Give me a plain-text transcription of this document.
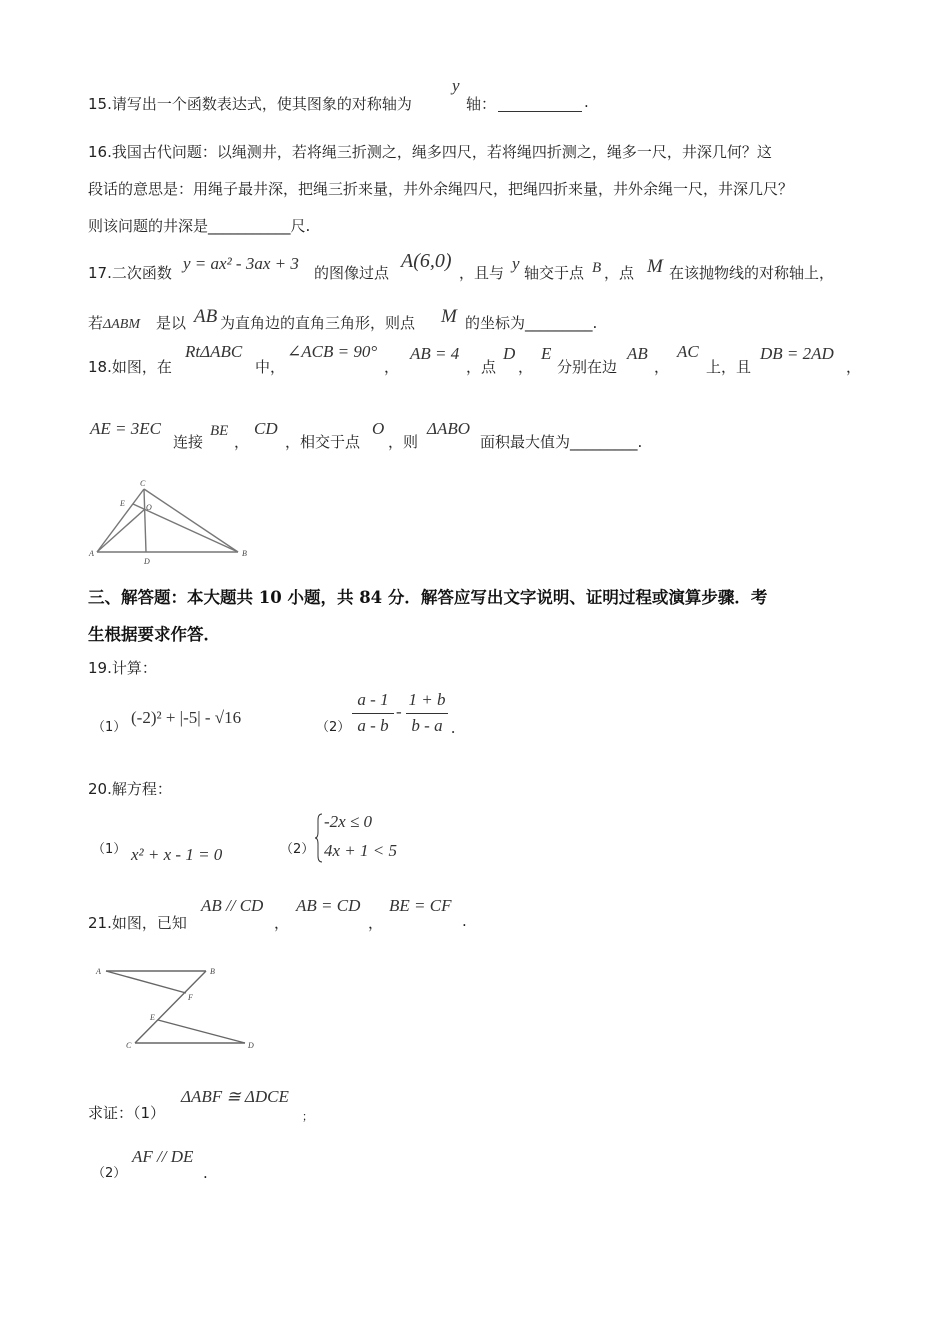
15.请写出一个函数表达式，使其图象的对称轴为
y
轴：	.
16.我国古代问题：以绳测井，若将绳三折测之，绳多四尺，若将绳四折测之，绳多一尺，井深几何？这
段话的意思是：用绳子最井深，把绳三折来量，井外余绳四尺，把绳四折来量，井外余绳一尺，井深几尺？
则该问题的井深是___________尺.
17.二次函数 y = ax² - 3ax + 3 的图像过点
A(6,0)
，且与 y 轴交于点 B ，点 M 在该抛物线的对称轴上，
若ΔABM 是以 AB 为直角边的直角三角形，则点 M 的坐标为_________.
18.如图，在
RtΔABC
中，
∠ACB = 90°
，
AB = 4
，点
D
，
E
分别在边
AB
，
AC
上，且
DB = 2AD
，
AE = 3EC
连接
BE
，
CD
，相交于点
O
，则
ΔABO
面积最大值为_________.
C
E	O
A
D
B
三、解答题：本大题共 10 小题，共 84 分．解答应写出文字说明、证明过程或演算步骤．考
生根据要求作答．
19.计算：
（1）
(-2)² + |-5| - √16
（2）
a - 1
a - b
-
1 + b
b - a .
20.解方程：
（1） x² + x - 1 = 0	（2）
-2x ≤ 0
4x + 1 < 5
21.如图，已知
AB // CD
，
AB = CD
，
BE = CF
.
A	B
F
E
C	D
求证：（1）
ΔABF ≅ ΔDCE
；
（2）
AF // DE
.
